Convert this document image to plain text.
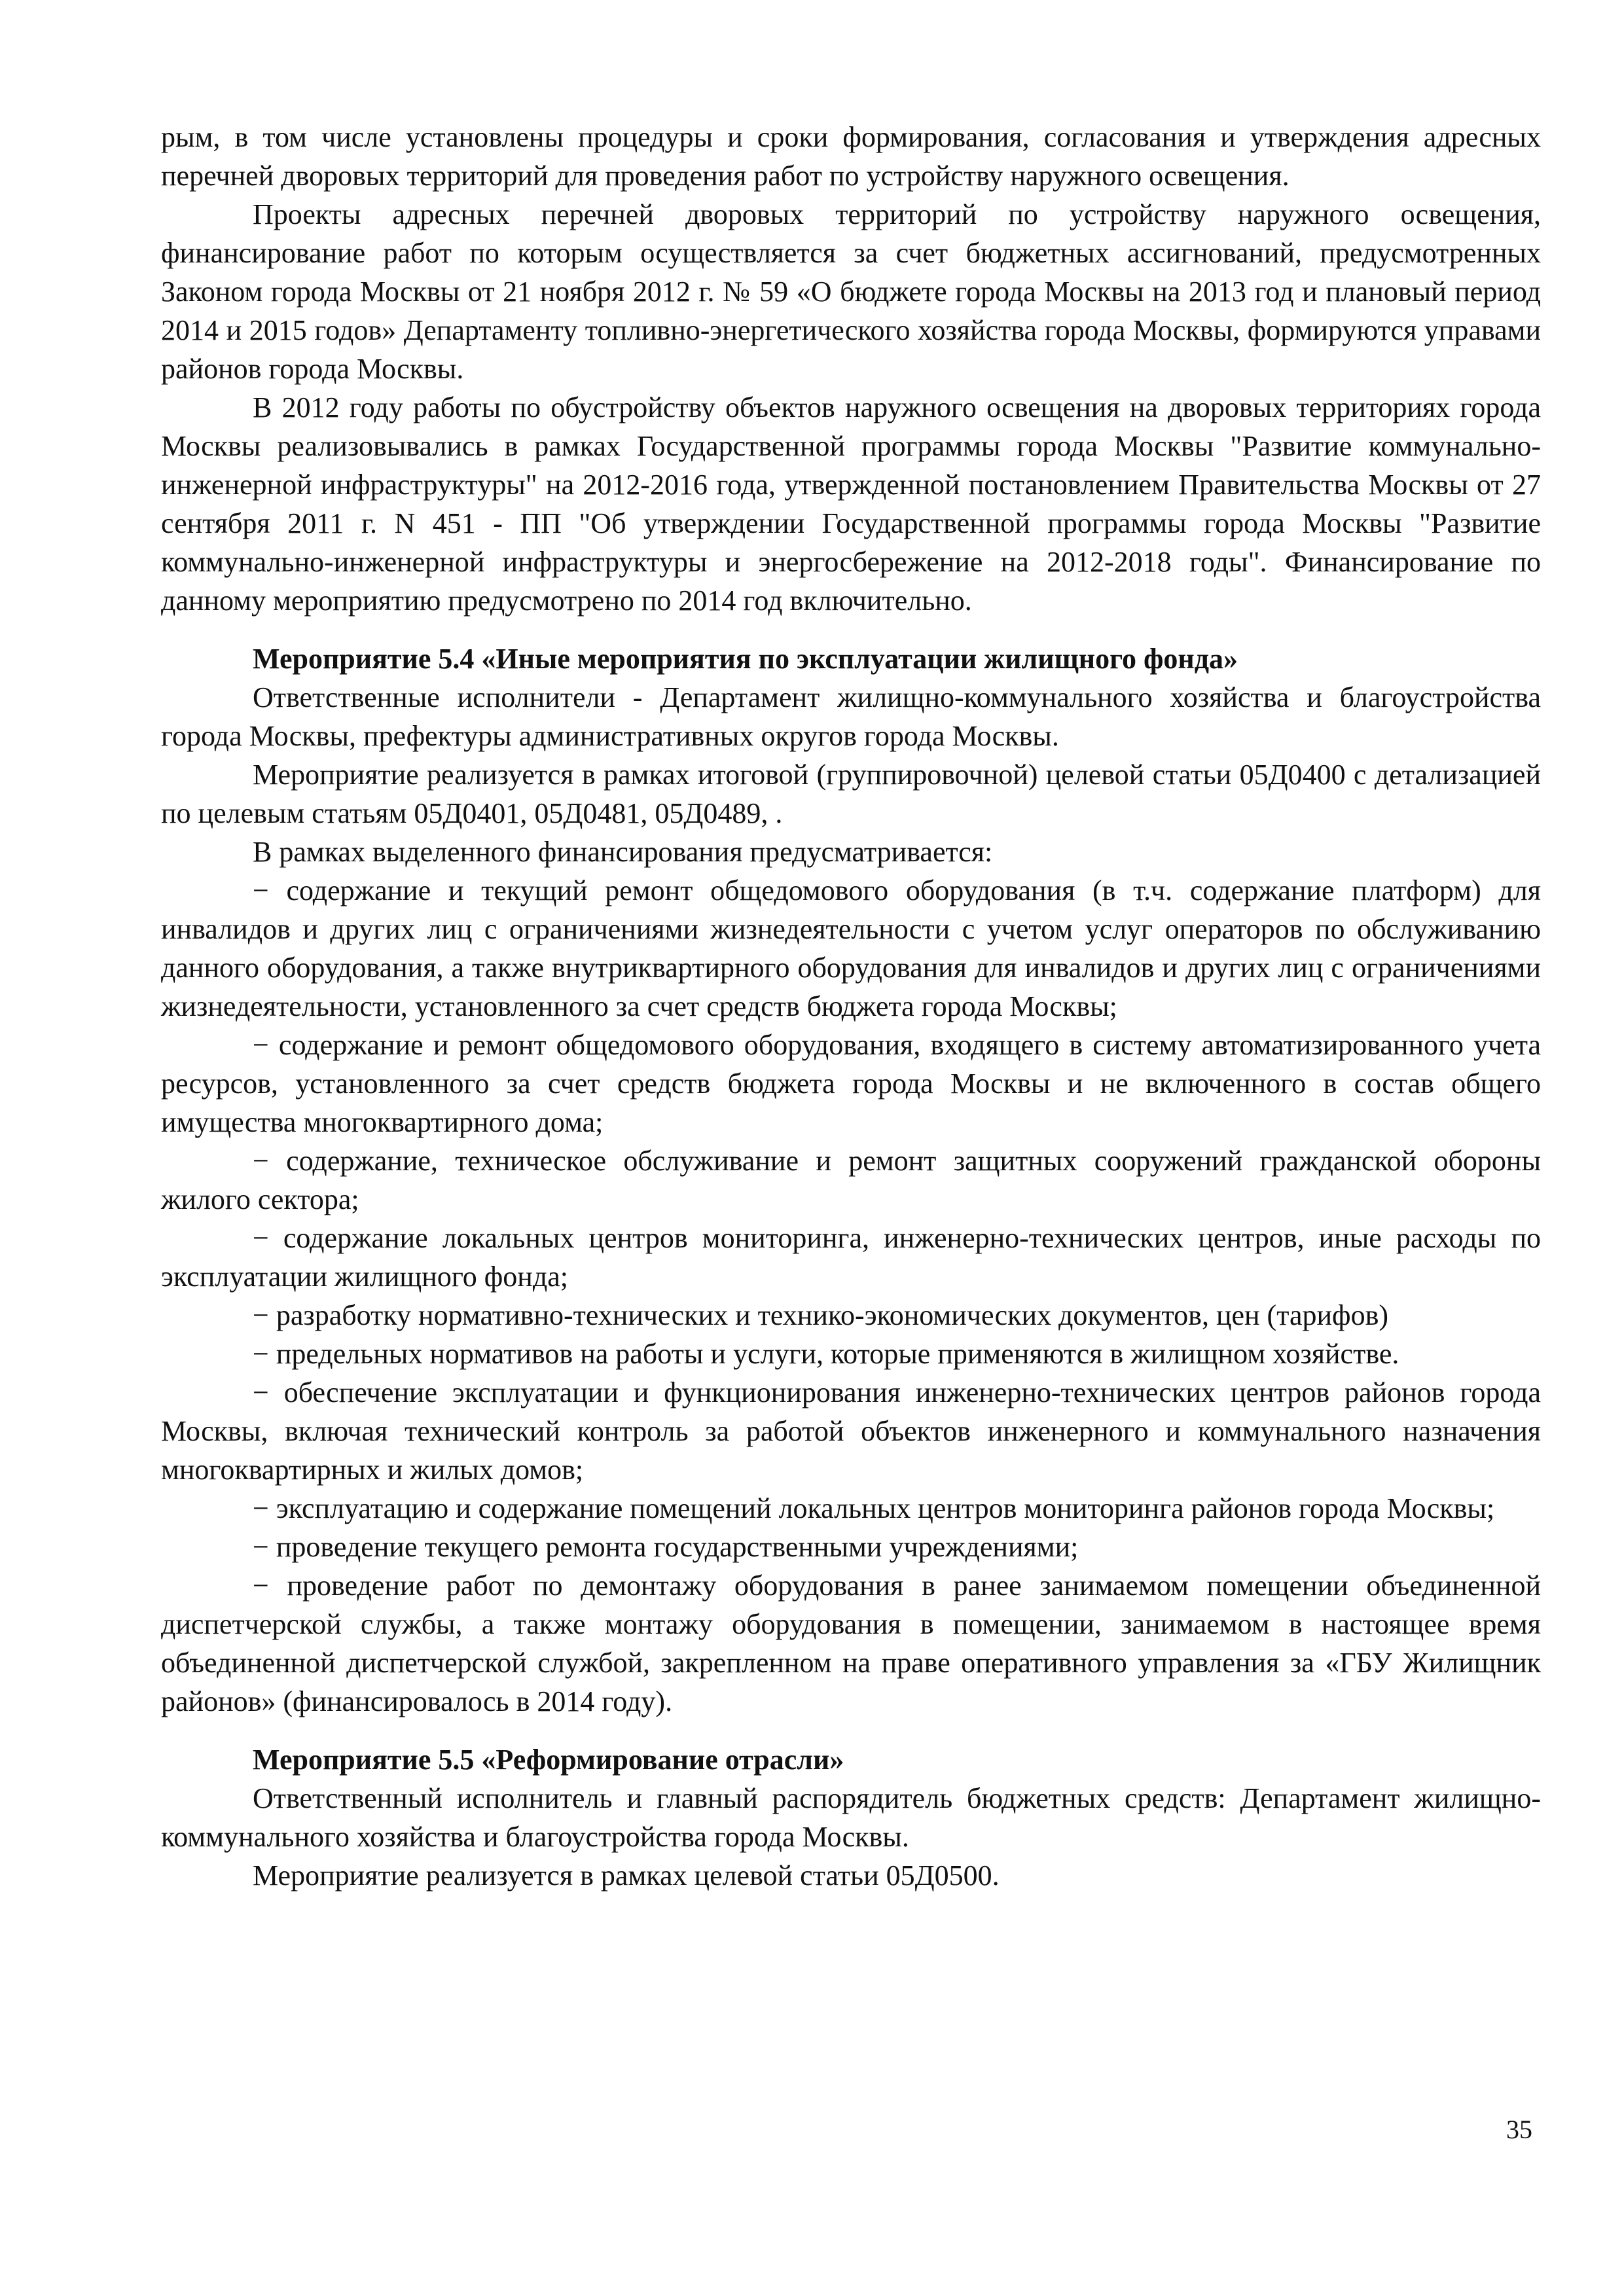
рым, в том числе установлены процедуры и сроки формирования, согласования и утверждения адресных перечней дворовых территорий для проведения работ по устройству наружного освещения.

Проекты адресных перечней дворовых территорий по устройству наружного освещения, финансирование работ по которым осуществляется за счет бюджетных ассигнований, предусмотренных Законом города Москвы от 21 ноября 2012 г. № 59 «О бюджете города Москвы на 2013 год и плановый период 2014 и 2015 годов» Департаменту топливно-энергетического хозяйства города Москвы, формируются управами районов города Москвы.

В 2012 году работы по обустройству объектов наружного освещения на дворовых территориях города Москвы реализовывались в рамках Государственной программы города Москвы "Развитие коммунально-инженерной инфраструктуры" на 2012-2016 года, утвержденной постановлением Правительства Москвы от 27 сентября 2011 г. N 451 - ПП "Об утверждении Государственной программы города Москвы "Развитие коммунально-инженерной инфраструктуры и энергосбережение на 2012-2018 годы". Финансирование по данному мероприятию предусмотрено по 2014 год включительно.

Мероприятие 5.4 «Иные мероприятия по эксплуатации жилищного фонда»

Ответственные исполнители - Департамент жилищно-коммунального хозяйства и благоустройства города Москвы, префектуры административных округов города Москвы.

Мероприятие реализуется в рамках итоговой (группировочной) целевой статьи 05Д0400 с детализацией по целевым статьям 05Д0401, 05Д0481, 05Д0489, .

В рамках выделенного финансирования предусматривается:

− содержание и текущий ремонт общедомового оборудования (в т.ч. содержание платформ) для инвалидов и других лиц с ограничениями жизнедеятельности с учетом услуг операторов по обслуживанию данного оборудования, а также внутриквартирного оборудования для инвалидов и других лиц с ограничениями жизнедеятельности, установленного за счет средств бюджета города Москвы;

− содержание и ремонт общедомового оборудования, входящего в систему автоматизированного учета ресурсов, установленного за счет средств бюджета города Москвы и не включенного в состав общего имущества многоквартирного дома;

− содержание, техническое обслуживание и ремонт защитных сооружений гражданской обороны жилого сектора;

− содержание локальных центров мониторинга, инженерно-технических центров, иные расходы по эксплуатации жилищного фонда;

− разработку нормативно-технических и технико-экономических документов, цен (тарифов)

− предельных нормативов на работы и услуги, которые применяются в жилищном хозяйстве.

− обеспечение эксплуатации и функционирования инженерно-технических центров районов города Москвы, включая технический контроль за работой объектов инженерного и коммунального назначения многоквартирных и жилых домов;

− эксплуатацию и содержание помещений локальных центров мониторинга районов города Москвы;

− проведение текущего ремонта государственными учреждениями;

− проведение работ по демонтажу оборудования в ранее занимаемом помещении объединенной диспетчерской службы, а также монтажу оборудования в помещении, занимаемом в настоящее время объединенной диспетчерской службой, закрепленном на праве оперативного управления за «ГБУ Жилищник районов» (финансировалось в 2014 году).

Мероприятие 5.5 «Реформирование отрасли»

Ответственный исполнитель и главный распорядитель бюджетных средств: Департамент жилищно-коммунального хозяйства и благоустройства города Москвы.

Мероприятие реализуется в рамках целевой статьи 05Д0500.

35
